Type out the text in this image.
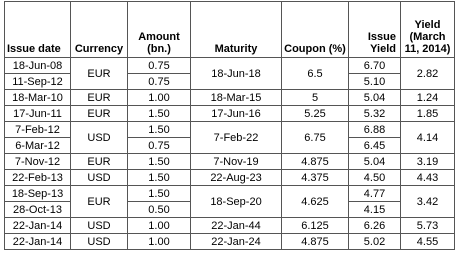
Issue date	Currency	Amount (bn.)	Maturity	Coupon (%)	Issue Yield	Yield (March 11, 2014)
18-Jun-08	EUR	0.75	18-Jun-18	6.5	6.70	2.82
11-Sep-12		0.75			5.10	
18-Mar-10	EUR	1.00	18-Mar-15	5	5.04	1.24
17-Jun-11	EUR	1.50	17-Jun-16	5.25	5.32	1.85
7-Feb-12	USD	1.50	7-Feb-22	6.75	6.88	4.14
6-Mar-12		0.75			6.45	
7-Nov-12	EUR	1.50	7-Nov-19	4.875	5.04	3.19
22-Feb-13	USD	1.50	22-Aug-23	4.375	4.50	4.43
18-Sep-13	EUR	1.50	18-Sep-20	4.625	4.77	3.42
28-Oct-13		0.50			4.15	
22-Jan-14	USD	1.00	22-Jan-44	6.125	6.26	5.73
22-Jan-14	USD	1.00	22-Jan-24	4.875	5.02	4.55
